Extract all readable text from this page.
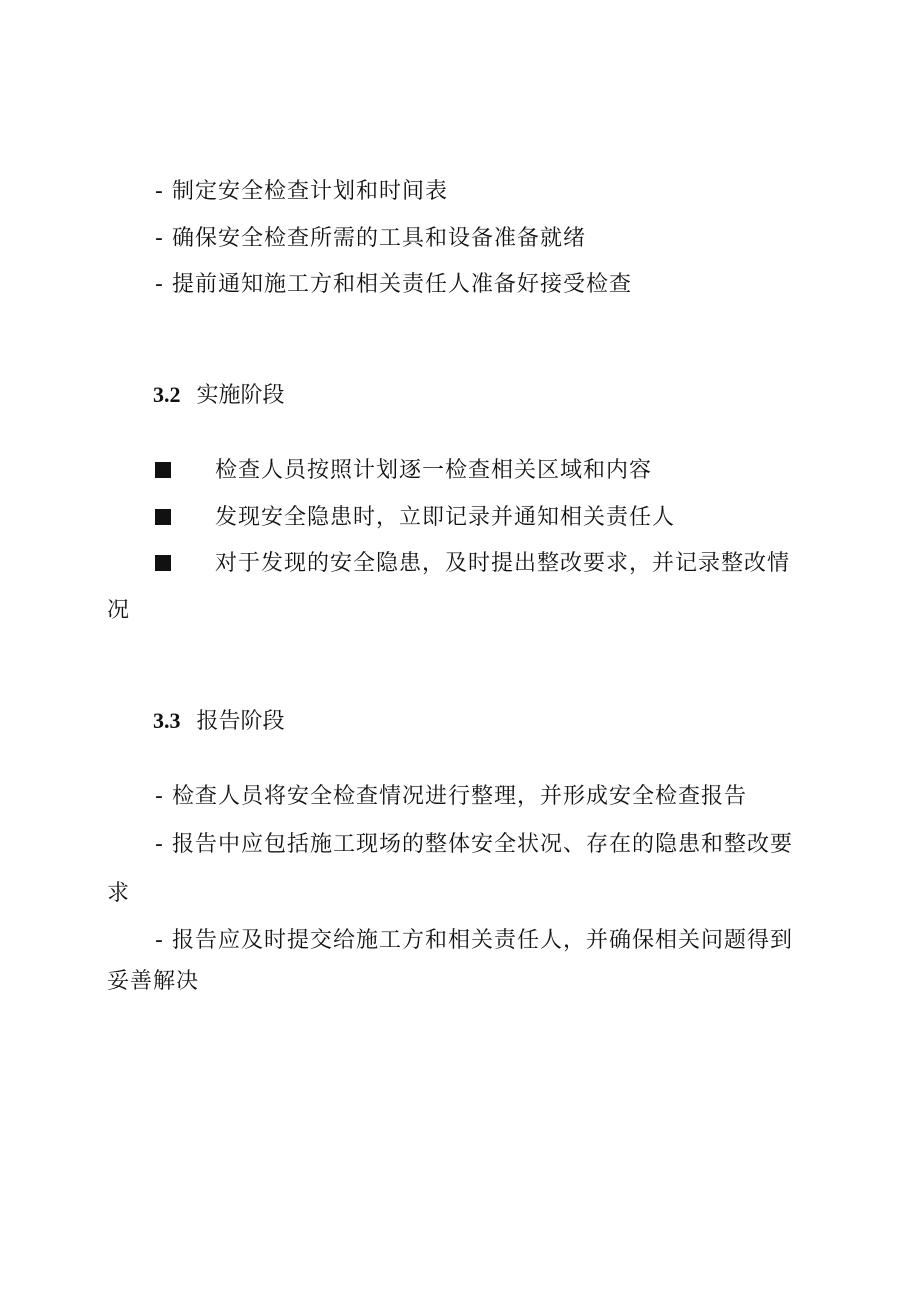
- 制定安全检查计划和时间表
- 确保安全检查所需的工具和设备准备就绪
- 提前通知施工方和相关责任人准备好接受检查
3.2 实施阶段
检查人员按照计划逐一检查相关区域和内容
发现安全隐患时，立即记录并通知相关责任人
对于发现的安全隐患，及时提出整改要求，并记录整改情
况
3.3 报告阶段
- 检查人员将安全检查情况进行整理，并形成安全检查报告
- 报告中应包括施工现场的整体安全状况、存在的隐患和整改要
求
- 报告应及时提交给施工方和相关责任人，并确保相关问题得到
妥善解决
